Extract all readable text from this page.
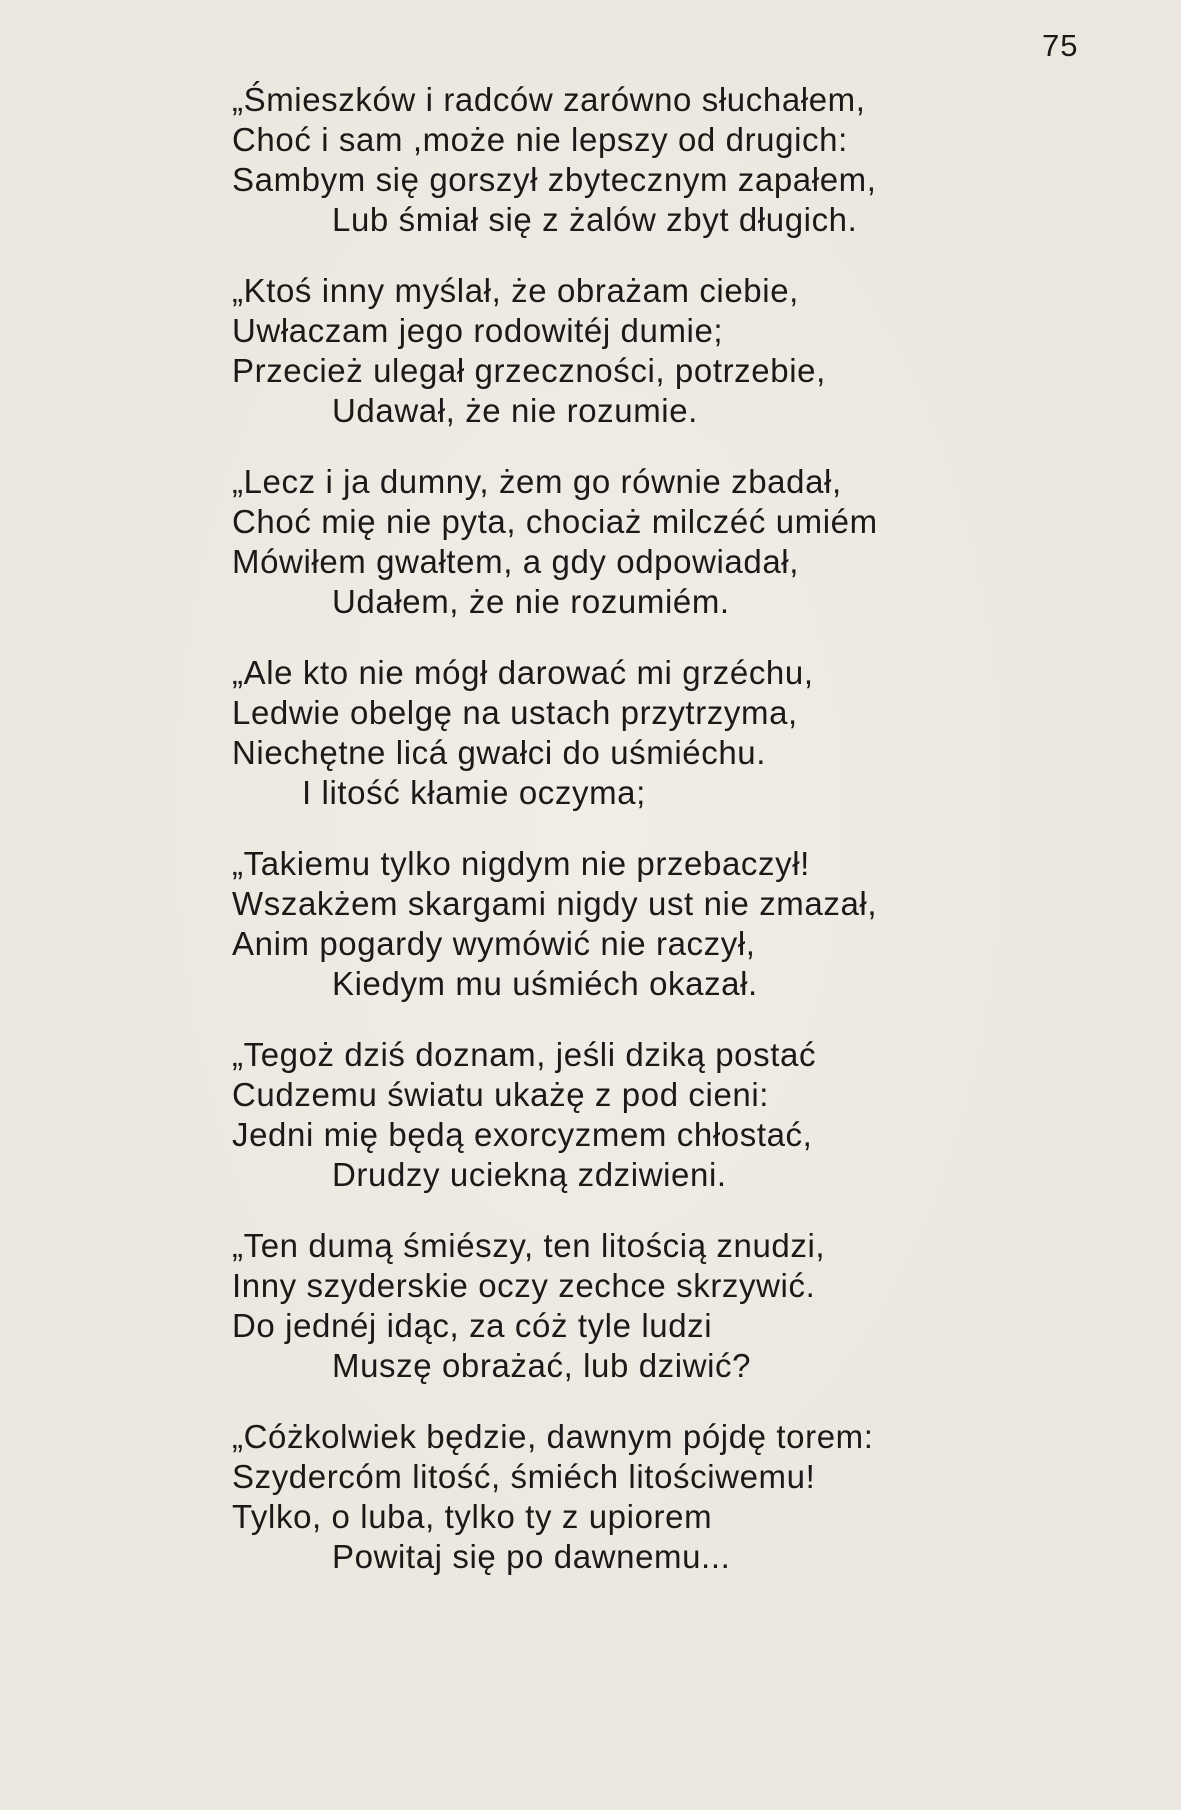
75
„Śmieszków i radców zarówno słuchałem,
Choć i sam ,może nie lepszy od drugich:
Sambym się gorszył zbytecznym zapałem,
Lub śmiał się z żalów zbyt długich.
„Ktoś inny myślał, że obrażam ciebie,
Uwłaczam jego rodowitéj dumie;
Przecież ulegał grzeczności, potrzebie,
Udawał, że nie rozumie.
„Lecz i ja dumny, żem go równie zbadał,
Choć mię nie pyta, chociaż milczéć umiém
Mówiłem gwałtem, a gdy odpowiadał,
Udałem, że nie rozumiém.
„Ale kto nie mógł darować mi grzéchu,
Ledwie obelgę na ustach przytrzyma,
Niechętne licá gwałci do uśmiéchu.
I litość kłamie oczyma;
„Takiemu tylko nigdym nie przebaczył!
Wszakżem skargami nigdy ust nie zmazał,
Anim pogardy wymówić nie raczył,
Kiedym mu uśmiéch okazał.
„Tegoż dziś doznam, jeśli dziką postać
Cudzemu światu ukażę z pod cieni:
Jedni mię będą exorcyzmem chłostać,
Drudzy uciekną zdziwieni.
„Ten dumą śmiészy, ten litością znudzi,
Inny szyderskie oczy zechce skrzywić.
Do jednéj idąc, za cóż tyle ludzi
Muszę obrażać, lub dziwić?
„Cóżkolwiek będzie, dawnym pójdę torem:
Szydercóm litość, śmiéch litościwemu!
Tylko, o luba, tylko ty z upiorem
Powitaj się po dawnemu...
